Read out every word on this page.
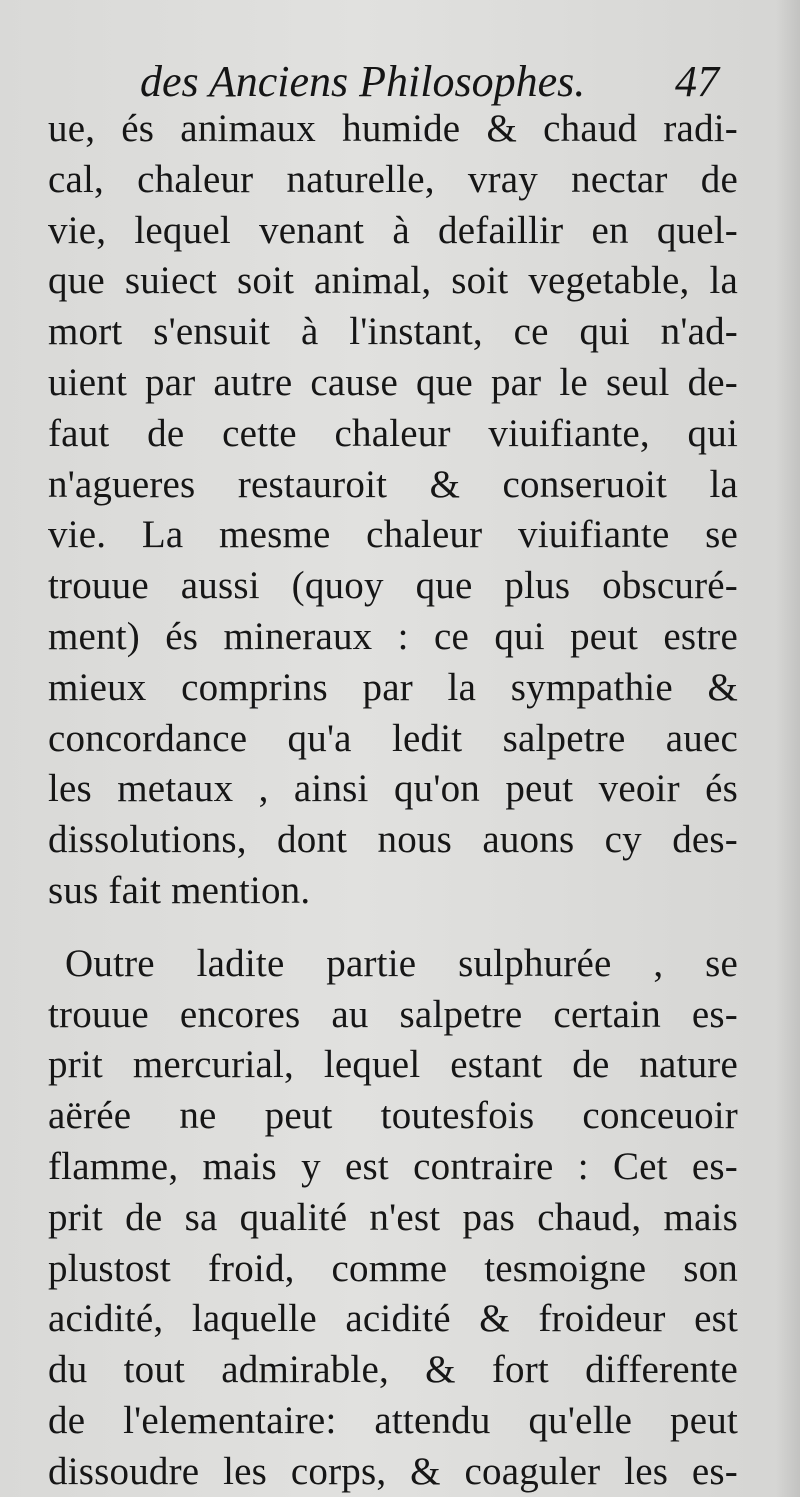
des Anciens Philosophes. 47
ue, és animaux humide & chaud radi-
cal, chaleur naturelle, vray nectar de
vie, lequel venant à defaillir en quel-
que suiect soit animal, soit vegetable, la
mort s'ensuit à l'instant, ce qui n'ad-
uient par autre cause que par le seul de-
faut de cette chaleur viuifiante, qui
n'agueres restauroit & conseruoit la
vie. La mesme chaleur viuifiante se
trouue aussi (quoy que plus obscuré-
ment) és mineraux : ce qui peut estre
mieux comprins par la sympathie &
concordance qu'a ledit salpetre auec
les metaux , ainsi qu'on peut veoir és
dissolutions, dont nous auons cy des-
sus fait mention.
Outre ladite partie sulphurée , se
trouue encores au salpetre certain es-
prit mercurial, lequel estant de nature
aërée ne peut toutesfois conceuoir
flamme, mais y est contraire : Cet es-
prit de sa qualité n'est pas chaud, mais
plustost froid, comme tesmoigne son
acidité, laquelle acidité & froideur est
du tout admirable, & fort differente
de l'elementaire: attendu qu'elle peut
dissoudre les corps, & coaguler les es-
